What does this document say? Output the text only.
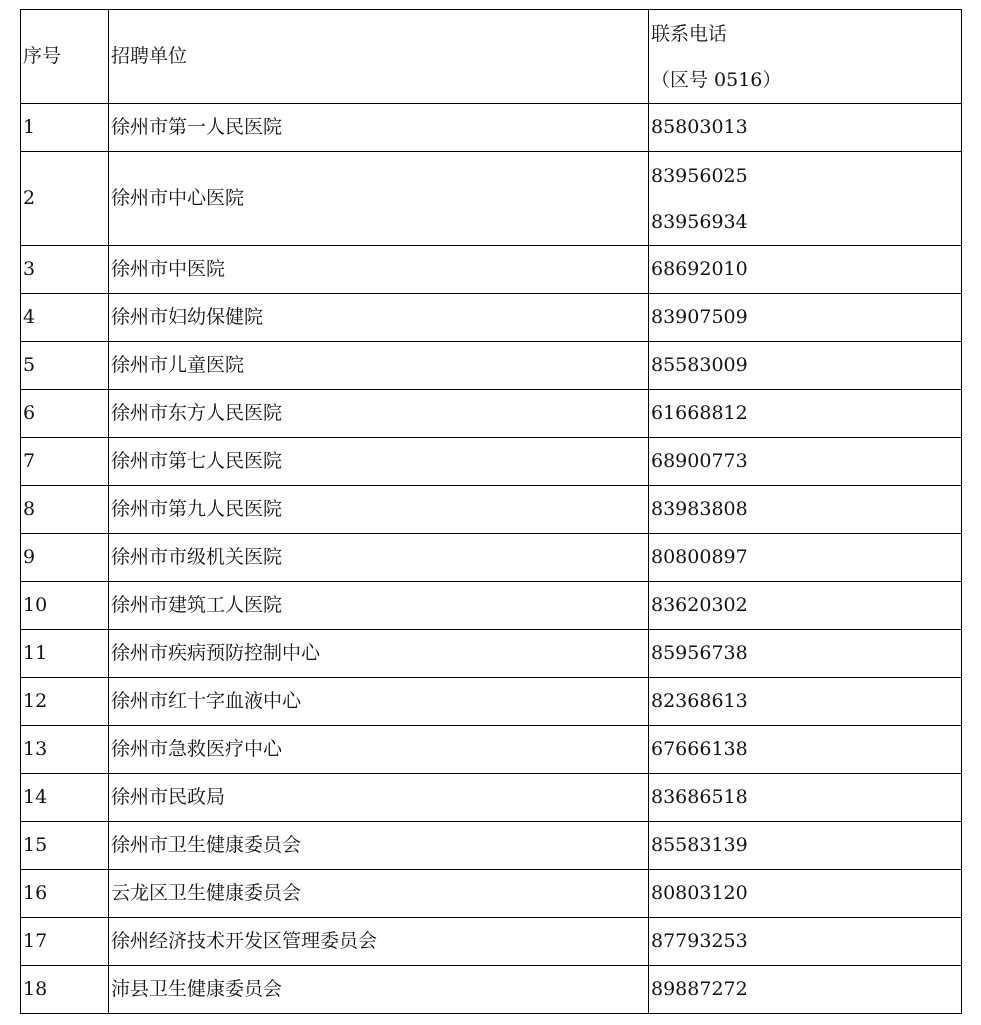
序号	招聘单位	联系电话
（区号 0516）

1	徐州市第一人民医院	85803013
2	徐州市中心医院	83956025
83956934

3	徐州市中医院	68692010
4	徐州市妇幼保健院	83907509
5	徐州市儿童医院	85583009
6	徐州市东方人民医院	61668812
7	徐州市第七人民医院	68900773
8	徐州市第九人民医院	83983808
9	徐州市市级机关医院	80800897
10	徐州市建筑工人医院	83620302
11	徐州市疾病预防控制中心	85956738
12	徐州市红十字血液中心	82368613
13	徐州市急救医疗中心	67666138
14	徐州市民政局	83686518
15	徐州市卫生健康委员会	85583139
16	云龙区卫生健康委员会	80803120
17	徐州经济技术开发区管理委员会	87793253
18	沛县卫生健康委员会	89887272
